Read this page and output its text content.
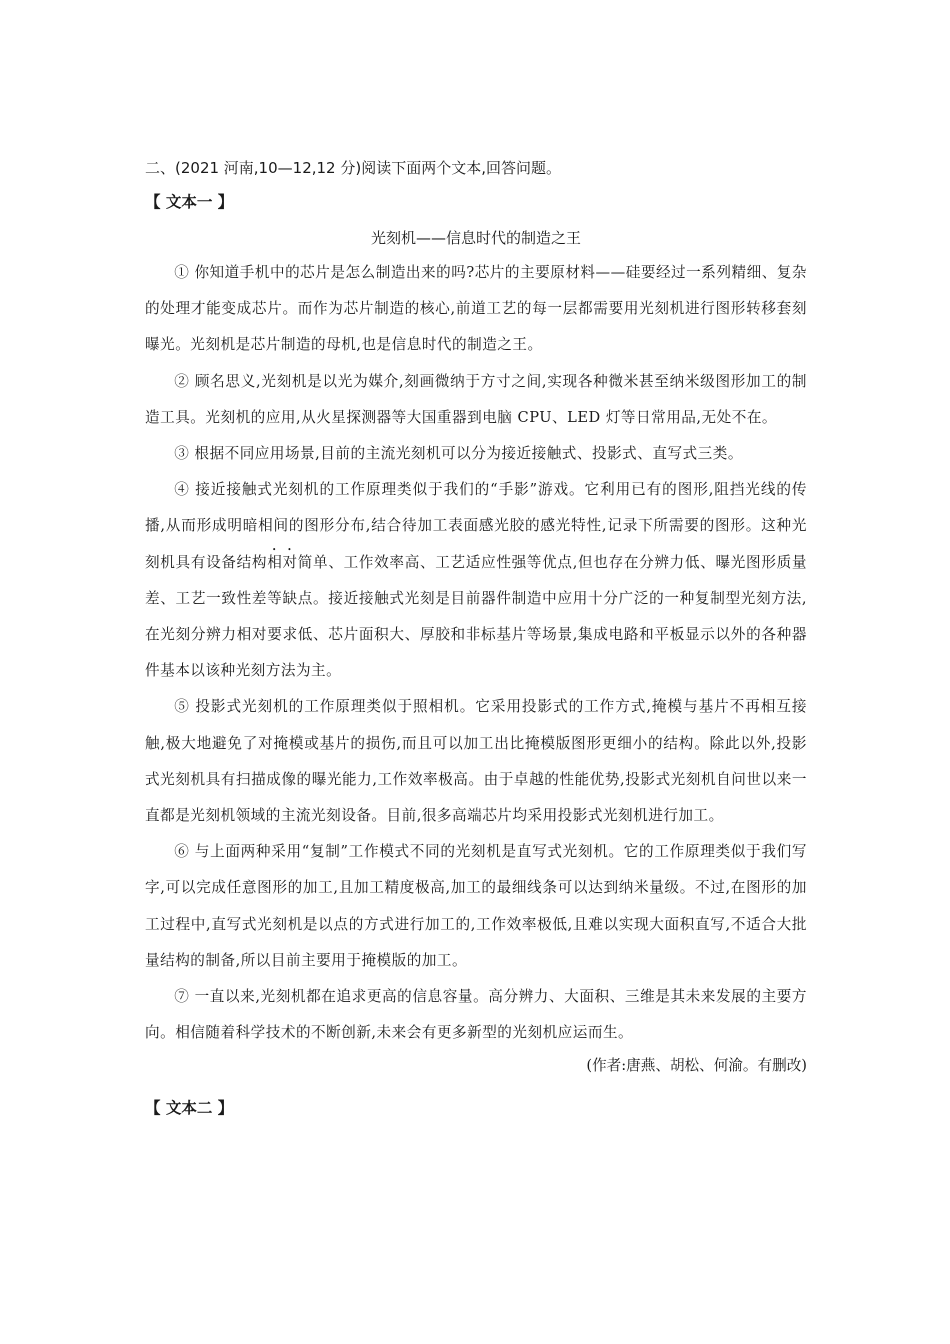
二、(2021 河南,10—12,12 分)阅读下面两个文本,回答问题。

【 文本一 】

光刻机——信息时代的制造之王

① 你知道手机中的芯片是怎么制造出来的吗?芯片的主要原材料——硅要经过一系列精细、复杂的处理才能变成芯片。而作为芯片制造的核心,前道工艺的每一层都需要用光刻机进行图形转移套刻曝光。光刻机是芯片制造的母机,也是信息时代的制造之王。

② 顾名思义,光刻机是以光为媒介,刻画微纳于方寸之间,实现各种微米甚至纳米级图形加工的制造工具。光刻机的应用,从火星探测器等大国重器到电脑 CPU、LED 灯等日常用品,无处不在。

③ 根据不同应用场景,目前的主流光刻机可以分为接近接触式、投影式、直写式三类。

④ 接近接触式光刻机的工作原理类似于我们的“手影”游戏。它利用已有的图形,阻挡光线的传播,从而形成明暗相间的图形分布,结合待加工表面感光胶的感光特性,记录下所需要的图形。这种光刻机具有设备结构相对简单、工作效率高、工艺适应性强等优点,但也存在分辨力低、曝光图形质量差、工艺一致性差等缺点。接近接触式光刻是目前器件制造中应用十分广泛的一种复制型光刻方法,在光刻分辨力相对要求低、芯片面积大、厚胶和非标基片等场景,集成电路和平板显示以外的各种器件基本以该种光刻方法为主。

⑤ 投影式光刻机的工作原理类似于照相机。它采用投影式的工作方式,掩模与基片不再相互接触,极大地避免了对掩模或基片的损伤,而且可以加工出比掩模版图形更细小的结构。除此以外,投影式光刻机具有扫描成像的曝光能力,工作效率极高。由于卓越的性能优势,投影式光刻机自问世以来一直都是光刻机领域的主流光刻设备。目前,很多高端芯片均采用投影式光刻机进行加工。

⑥ 与上面两种采用“复制”工作模式不同的光刻机是直写式光刻机。它的工作原理类似于我们写字,可以完成任意图形的加工,且加工精度极高,加工的最细线条可以达到纳米量级。不过,在图形的加工过程中,直写式光刻机是以点的方式进行加工的,工作效率极低,且难以实现大面积直写,不适合大批量结构的制备,所以目前主要用于掩模版的加工。

⑦ 一直以来,光刻机都在追求更高的信息容量。高分辨力、大面积、三维是其未来发展的主要方向。相信随着科学技术的不断创新,未来会有更多新型的光刻机应运而生。

(作者:唐燕、胡松、何渝。有删改)

【 文本二 】
